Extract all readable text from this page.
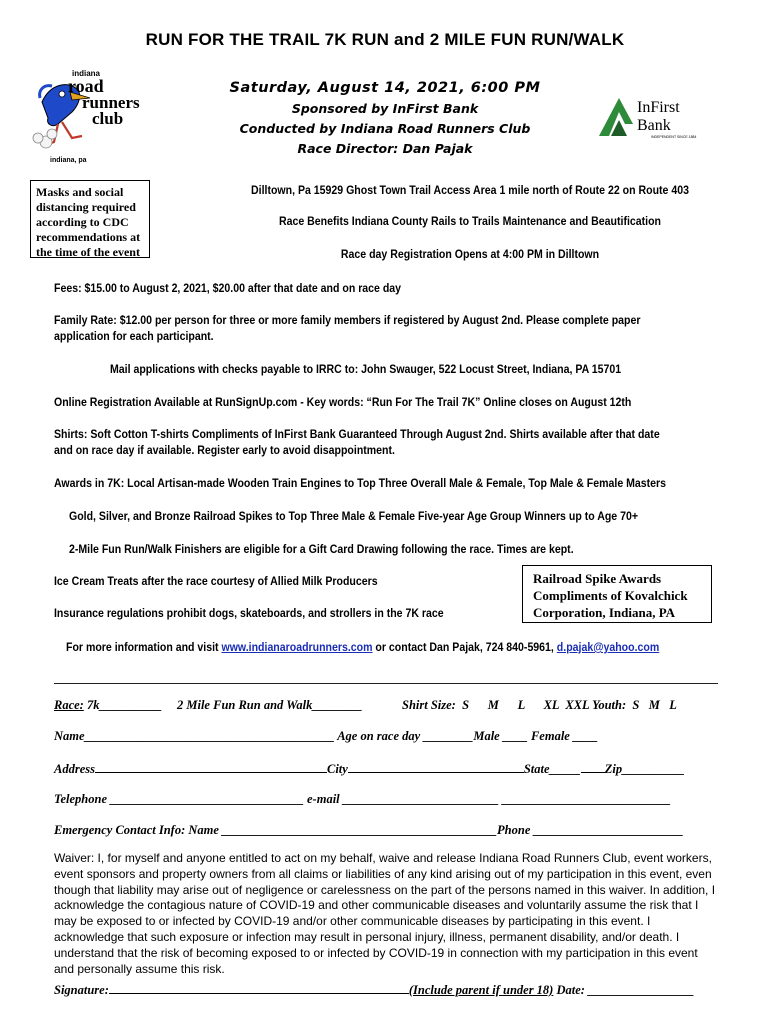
RUN FOR THE TRAIL 7K RUN and 2 MILE FUN RUN/WALK
indiana
road
runners
club
indiana, pa
Saturday, August 14, 2021, 6:00 PM
Sponsored by InFirst Bank
Conducted by Indiana Road Runners Club
Race Director: Dan Pajak
InFirst
Bank
INDEPENDENT SINCE 1884
Masks and social distancing required according to CDC recommendations at the time of the event
Dilltown, Pa 15929 Ghost Town Trail Access Area 1 mile north of Route 22 on Route 403
Race Benefits Indiana County Rails to Trails Maintenance and Beautification
Race day Registration Opens at 4:00 PM in Dilltown
Fees: $15.00 to August 2, 2021, $20.00 after that date and on race day
Family Rate: $12.00 per person for three or more family members if registered by August 2nd. Please complete paper
application for each participant.
Mail applications with checks payable to IRRC to: John Swauger, 522 Locust Street, Indiana, PA 15701
Online Registration Available at RunSignUp.com - Key words: “Run For The Trail 7K” Online closes on August 12th
Shirts: Soft Cotton T-shirts Compliments of InFirst Bank Guaranteed Through August 2nd. Shirts available after that date
and on race day if available. Register early to avoid disappointment.
Awards in 7K: Local Artisan-made Wooden Train Engines to Top Three Overall Male & Female, Top Male & Female Masters
Gold, Silver, and Bronze Railroad Spikes to Top Three Male & Female Five-year Age Group Winners up to Age 70+
2-Mile Fun Run/Walk Finishers are eligible for a Gift Card Drawing following the race. Times are kept.
Ice Cream Treats after the race courtesy of Allied Milk Producers
Insurance regulations prohibit dogs, skateboards, and strollers in the 7K race
Railroad Spike Awards
Compliments of Kovalchick
Corporation, Indiana, PA
For more information and visit www.indianaroadrunners.com or contact Dan Pajak, 724 840-5961, d.pajak@yahoo.com
Race: 7k__________ 2 Mile Fun Run and Walk________	Shirt Size:  S      M      L      XL  XXL Youth:  S   M   L
Name________________________________________ Age on race day ________Male ____ Female ____
Address	City	State_____ Zip__________
Telephone _______________________________ e-mail _________________________ ___________________________
Emergency Contact Info: Name ____________________________________________Phone ________________________
Waiver: I, for myself and anyone entitled to act on my behalf, waive and release Indiana Road Runners Club, event workers, event sponsors and property owners from all claims or liabilities of any kind arising out of my participation in this event, even though that liability may arise out of negligence or carelessness on the part of the persons named in this waiver. In addition, I acknowledge the contagious nature of COVID-19 and other communicable diseases and voluntarily assume the risk that I may be exposed to or infected by COVID-19 and/or other communicable diseases by participating in this event. I acknowledge that such exposure or infection may result in personal injury, illness, permanent disability, and/or death. I understand that the risk of becoming exposed to or infected by COVID-19 in connection with my participation in this event and personally assume this risk.
Signature:	(Include parent if under 18) Date: _________________
